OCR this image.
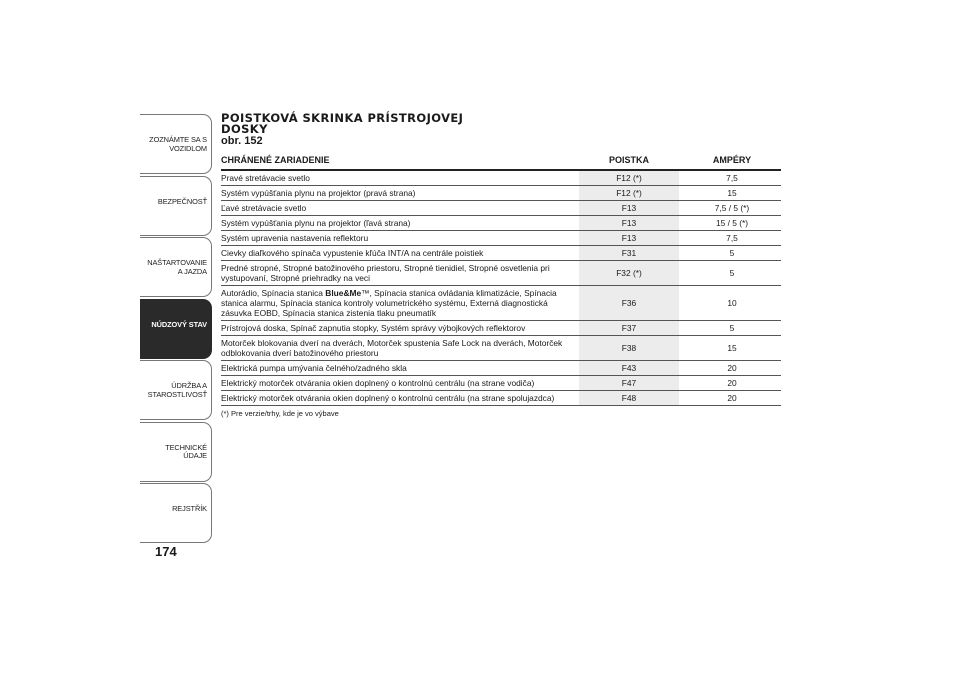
ZOZNÁMTE SA S VOZIDLOM
BEZPEČNOSŤ
NAŠTARTOVANIE A JAZDA
NÚDZOVÝ STAV
ÚDRŽBA A STAROSTLIVOSŤ
TECHNICKÉ ÚDAJE
REJSTŘÍK
174
POISTKOVÁ SKRINKA PRÍSTROJOVEJ DOSKY
obr. 152
CHRÁNENÉ ZARIADENIE	POISTKA		AMPÉRY
Pravé stretávacie svetlo	F12 (*)		7,5
Systém vypúšťania plynu na projektor (pravá strana)	F12 (*)		15
Ľavé stretávacie svetlo	F13		7,5 / 5 (*)
Systém vypúšťania plynu na projektor (ľavá strana)	F13		15 / 5 (*)
Systém upravenia nastavenia reflektoru	F13		7,5
Cievky diaľkového spínača vypustenie kľúča INT/A na centrále poistiek	F31		5
Predné stropné, Stropné batožinového priestoru, Stropné tienidiel, Stropné osvetlenia pri vystupovaní, Stropné priehradky na veci	F32 (*)		5
Autorádio, Spínacia stanica Blue&Me™, Spínacia stanica ovládania klimatizácie, Spínacia stanica alarmu, Spínacia stanica kontroly volumetrického systému, Externá diagnostická zásuvka EOBD, Spínacia stanica zistenia tlaku pneumatík	F36		10
Prístrojová doska, Spínač zapnutia stopky, Systém správy výbojkových reflektorov	F37		5
Motorček blokovania dverí na dverách, Motorček spustenia Safe Lock na dverách, Motorček odblokovania dverí batožinového priestoru	F38		15
Elektrická pumpa umývania čelného/zadného skla	F43		20
Elektrický motorček otvárania okien doplnený o kontrolnú centrálu (na strane vodiča)	F47		20
Elektrický motorček otvárania okien doplnený o kontrolnú centrálu (na strane spolujazdca)	F48		20
(*) Pre verzie/trhy, kde je vo výbave
